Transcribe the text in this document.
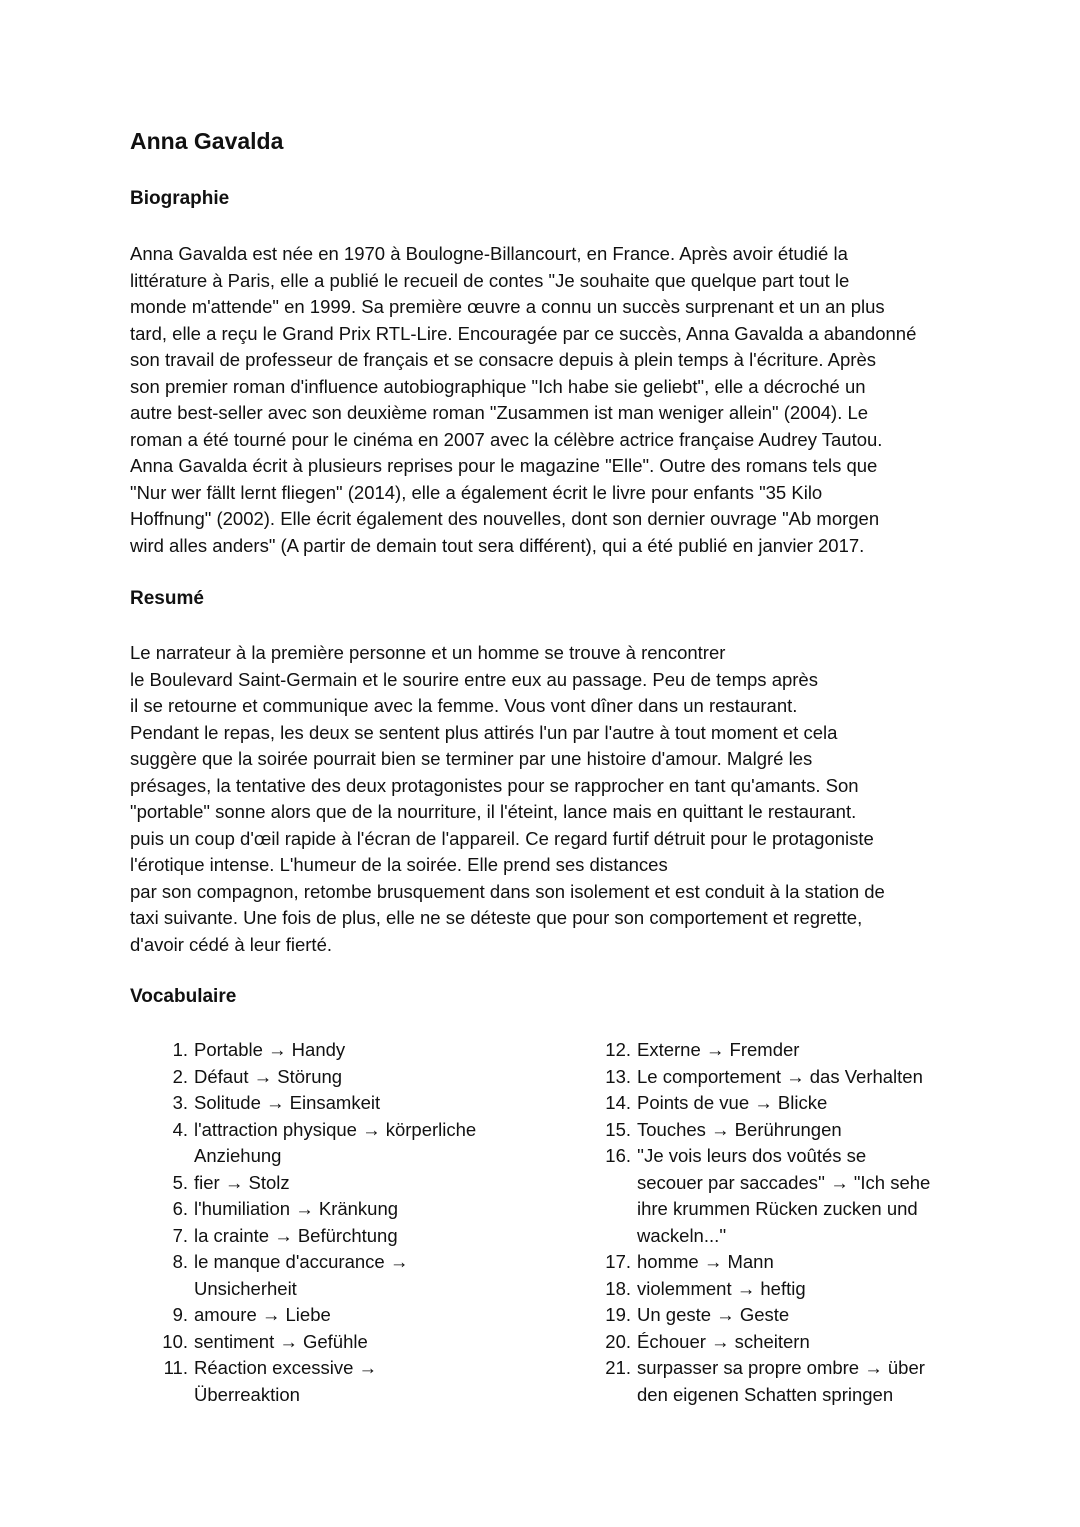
Anna Gavalda
Biographie
Anna Gavalda est née en 1970 à Boulogne-Billancourt, en France. Après avoir étudié la
littérature à Paris, elle a publié le recueil de contes "Je souhaite que quelque part tout le
monde m'attende" en 1999. Sa première œuvre a connu un succès surprenant et un an plus
tard, elle a reçu le Grand Prix RTL-Lire. Encouragée par ce succès, Anna Gavalda a abandonné
son travail de professeur de français et se consacre depuis à plein temps à l'écriture. Après
son premier roman d'influence autobiographique "Ich habe sie geliebt", elle a décroché un
autre best-seller avec son deuxième roman "Zusammen ist man weniger allein" (2004). Le
roman a été tourné pour le cinéma en 2007 avec la célèbre actrice française Audrey Tautou.
Anna Gavalda écrit à plusieurs reprises pour le magazine "Elle". Outre des romans tels que
"Nur wer fällt lernt fliegen" (2014), elle a également écrit le livre pour enfants "35 Kilo
Hoffnung" (2002). Elle écrit également des nouvelles, dont son dernier ouvrage "Ab morgen
wird alles anders" (A partir de demain tout sera différent), qui a été publié en janvier 2017.
Resumé
Le narrateur à la première personne et un homme se trouve à rencontrer
le Boulevard Saint-Germain et le sourire entre eux au passage. Peu de temps après
il se retourne et communique avec la femme. Vous vont dîner dans un restaurant.
Pendant le repas, les deux se sentent plus attirés l'un par l'autre à tout moment et cela
suggère que la soirée pourrait bien se terminer par une histoire d'amour. Malgré les
présages, la tentative des deux protagonistes pour se rapprocher en tant qu'amants. Son
"portable" sonne alors que de la nourriture, il l'éteint, lance mais en quittant le restaurant.
puis un coup d'œil rapide à l'écran de l'appareil. Ce regard furtif détruit pour le protagoniste
l'érotique intense. L'humeur de la soirée. Elle prend ses distances
par son compagnon, retombe brusquement dans son isolement et est conduit à la station de
taxi suivante. Une fois de plus, elle ne se déteste que pour son comportement et regrette,
d'avoir cédé à leur fierté.
Vocabulaire
1. Portable → Handy
2. Défaut → Störung
3. Solitude → Einsamkeit
4. l'attraction physique → körperliche
Anziehung
5. fier → Stolz
6. l'humiliation → Kränkung
7. la crainte → Befürchtung
8. le manque d'accurance →
Unsicherheit
9. amoure → Liebe
10. sentiment → Gefühle
11. Réaction excessive →
Überreaktion
12. Externe → Fremder
13. Le comportement → das Verhalten
14. Points de vue → Blicke
15. Touches → Berührungen
16. ''Je vois leurs dos voûtés se
secouer par saccades'' → "Ich sehe
ihre krummen Rücken zucken und
wackeln...''
17. homme → Mann
18. violemment → heftig
19. Un geste → Geste
20. Échouer → scheitern
21. surpasser sa propre ombre → über
den eigenen Schatten springen
